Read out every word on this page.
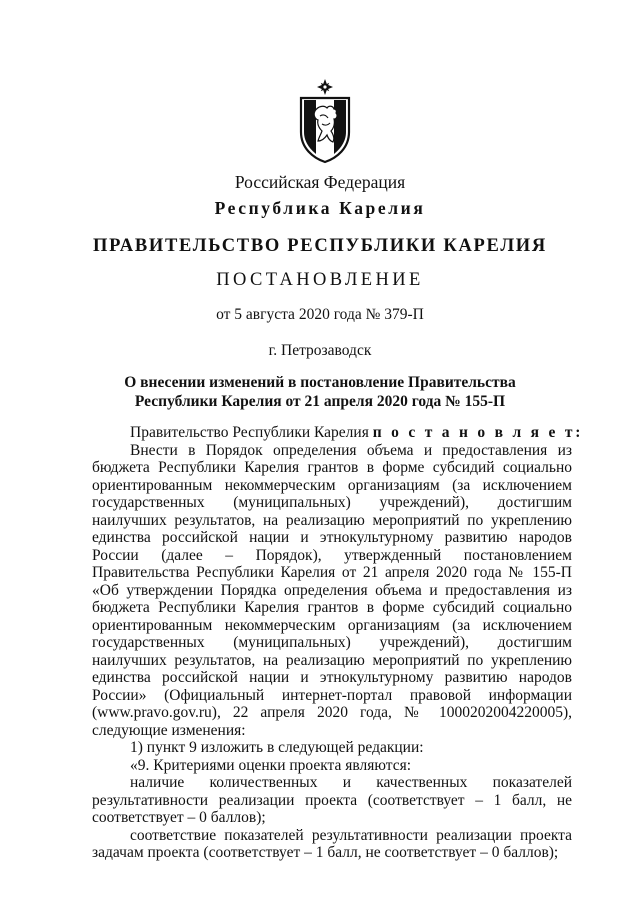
Российская Федерация
Республика Карелия
ПРАВИТЕЛЬСТВО РЕСПУБЛИКИ КАРЕЛИЯ
ПОСТАНОВЛЕНИЕ
от 5 августа 2020 года № 379-П
г. Петрозаводск
О внесении изменений в постановление Правительства
Республики Карелия от 21 апреля 2020 года № 155-П

Правительство Республики Карелия п о с т а н о в л я е т:

Внести в Порядок определения объема и предоставления из бюджета Республики Карелия грантов в форме субсидий социально ориентированным некоммерческим организациям (за исключением государственных (муниципальных) учреждений), достигшим наилучших результатов, на реализацию мероприятий по укреплению единства российской нации и этнокультурному развитию народов России (далее – Порядок), утвержденный постановлением Правительства Республики Карелия от 21 апреля 2020 года № 155-П «Об утверждении Порядка определения объема и предоставления из бюджета Республики Карелия грантов в форме субсидий социально ориентированным некоммерческим организациям (за исключением государственных (муниципальных) учреждений), достигшим наилучших результатов, на реализацию мероприятий по укреплению единства российской нации и этнокультурному развитию народов России» (Официальный интернет-портал правовой информации (www.pravo.gov.ru), 22 апреля 2020 года, № 1000202004220005), следующие изменения:

1) пункт 9 изложить в следующей редакции:

«9. Критериями оценки проекта являются:

наличие количественных и качественных показателей результативности реализации проекта (соответствует – 1 балл, не соответствует – 0 баллов);

соответствие показателей результативности реализации проекта задачам проекта (соответствует – 1 балл, не соответствует – 0 баллов);
